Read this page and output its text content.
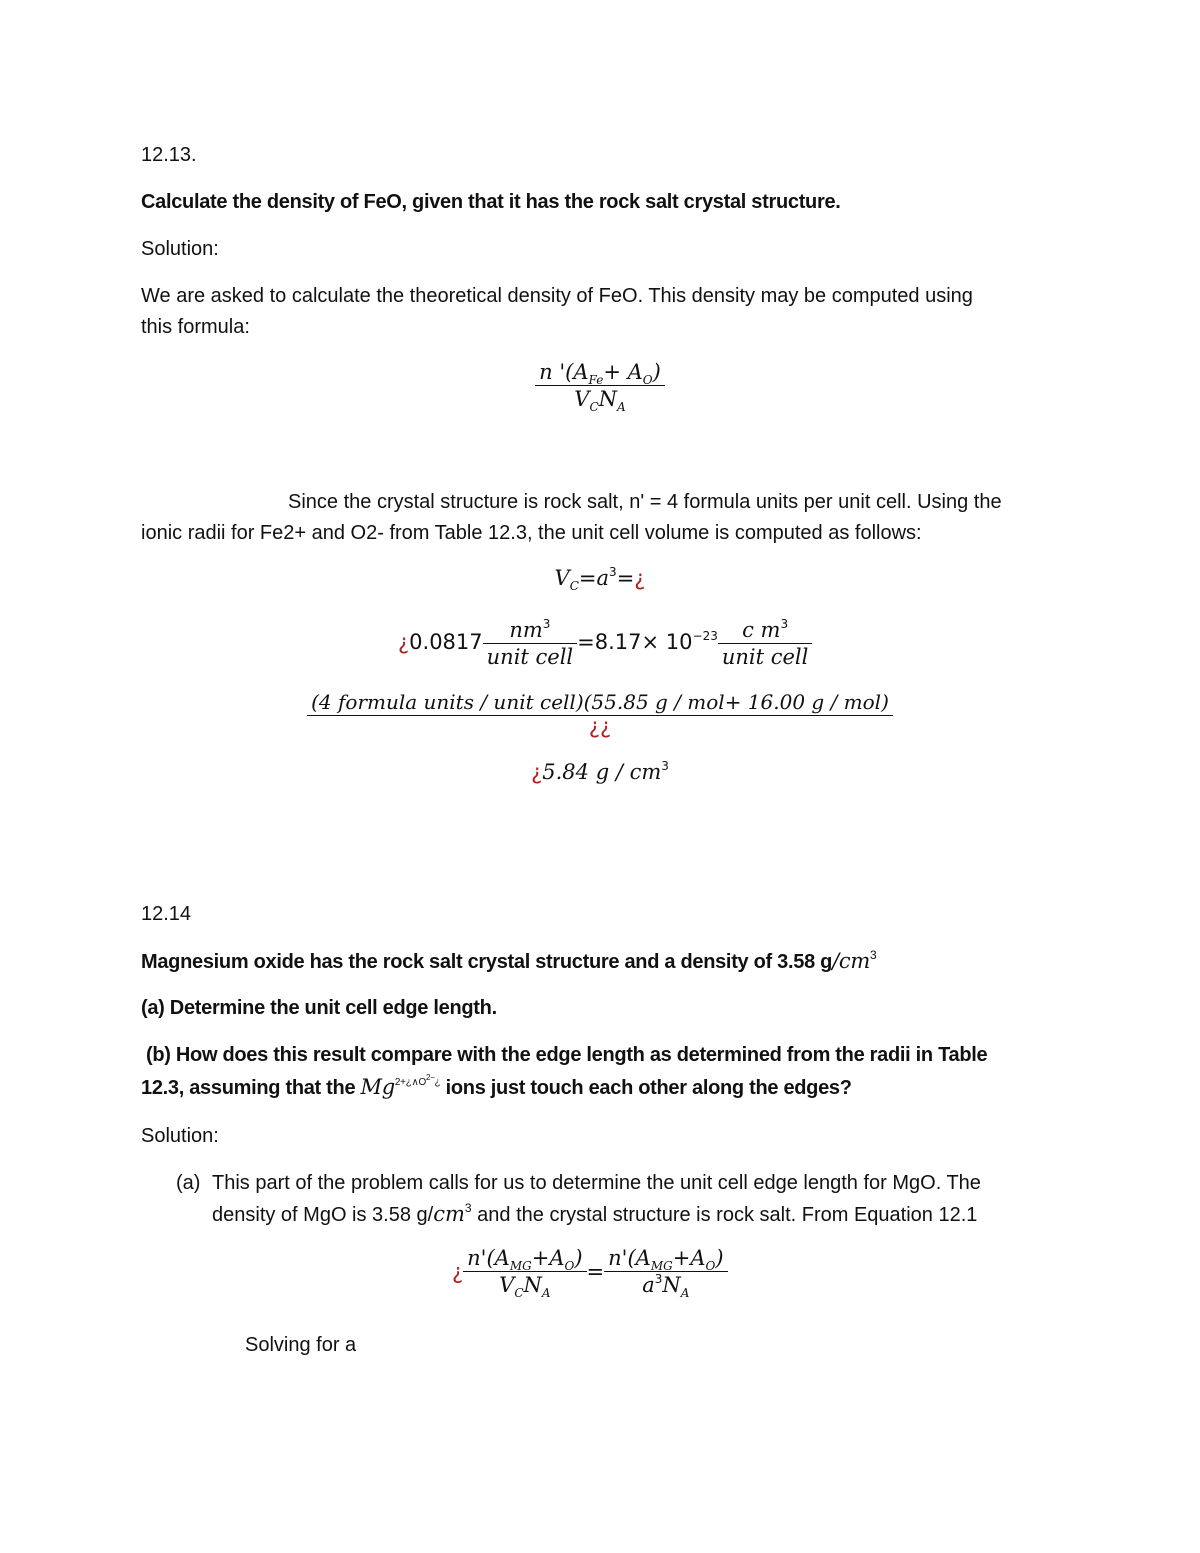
12.13.
Calculate the density of FeO, given that it has the rock salt crystal structure.
Solution:
We are asked to calculate the theoretical density of FeO. This density may be computed using
this formula:
$\frac{n '(A_{Fe}+ A_O)}{V_CN_A}$
Since the crystal structure is rock salt, n' = 4 formula units per unit cell. Using the
ionic radii for Fe2+ and O2- from Table 12.3, the unit cell volume is computed as follows:
$V_C=a^3=¿$
¿$0.0817 \frac{nm^3}{\text{unit cell}} =8.17\times 10^{-23} \frac{c m^3}{\text{unit cell}}$
$\frac{\text{(4 formula units / unit cell)(55.85 g / mol+ 16.00 g / mol)}}{¿¿}$
¿5.84 g / $cm^3$
12.14
Magnesium oxide has the rock salt crystal structure and a density of 3.58 $g/cm^3$
(a) Determine the unit cell edge length.
(b) How does this result compare with the edge length as determined from the radii in Table
12.3, assuming that the $Mg^{2+¿\wedge O^{2-}¿}$ ions just touch each other along the edges?
Solution:
(a) This part of the problem calls for us to determine the unit cell edge length for MgO. The
density of MgO is 3.58 $g/cm^3$ and the crystal structure is rock salt. From Equation 12.1
¿ $\frac{n'(A_{MG}+A_O)}{V_CN_A} = \frac{n'(A_{MG}+A_O)}{a^3N_A}$
Solving for a
